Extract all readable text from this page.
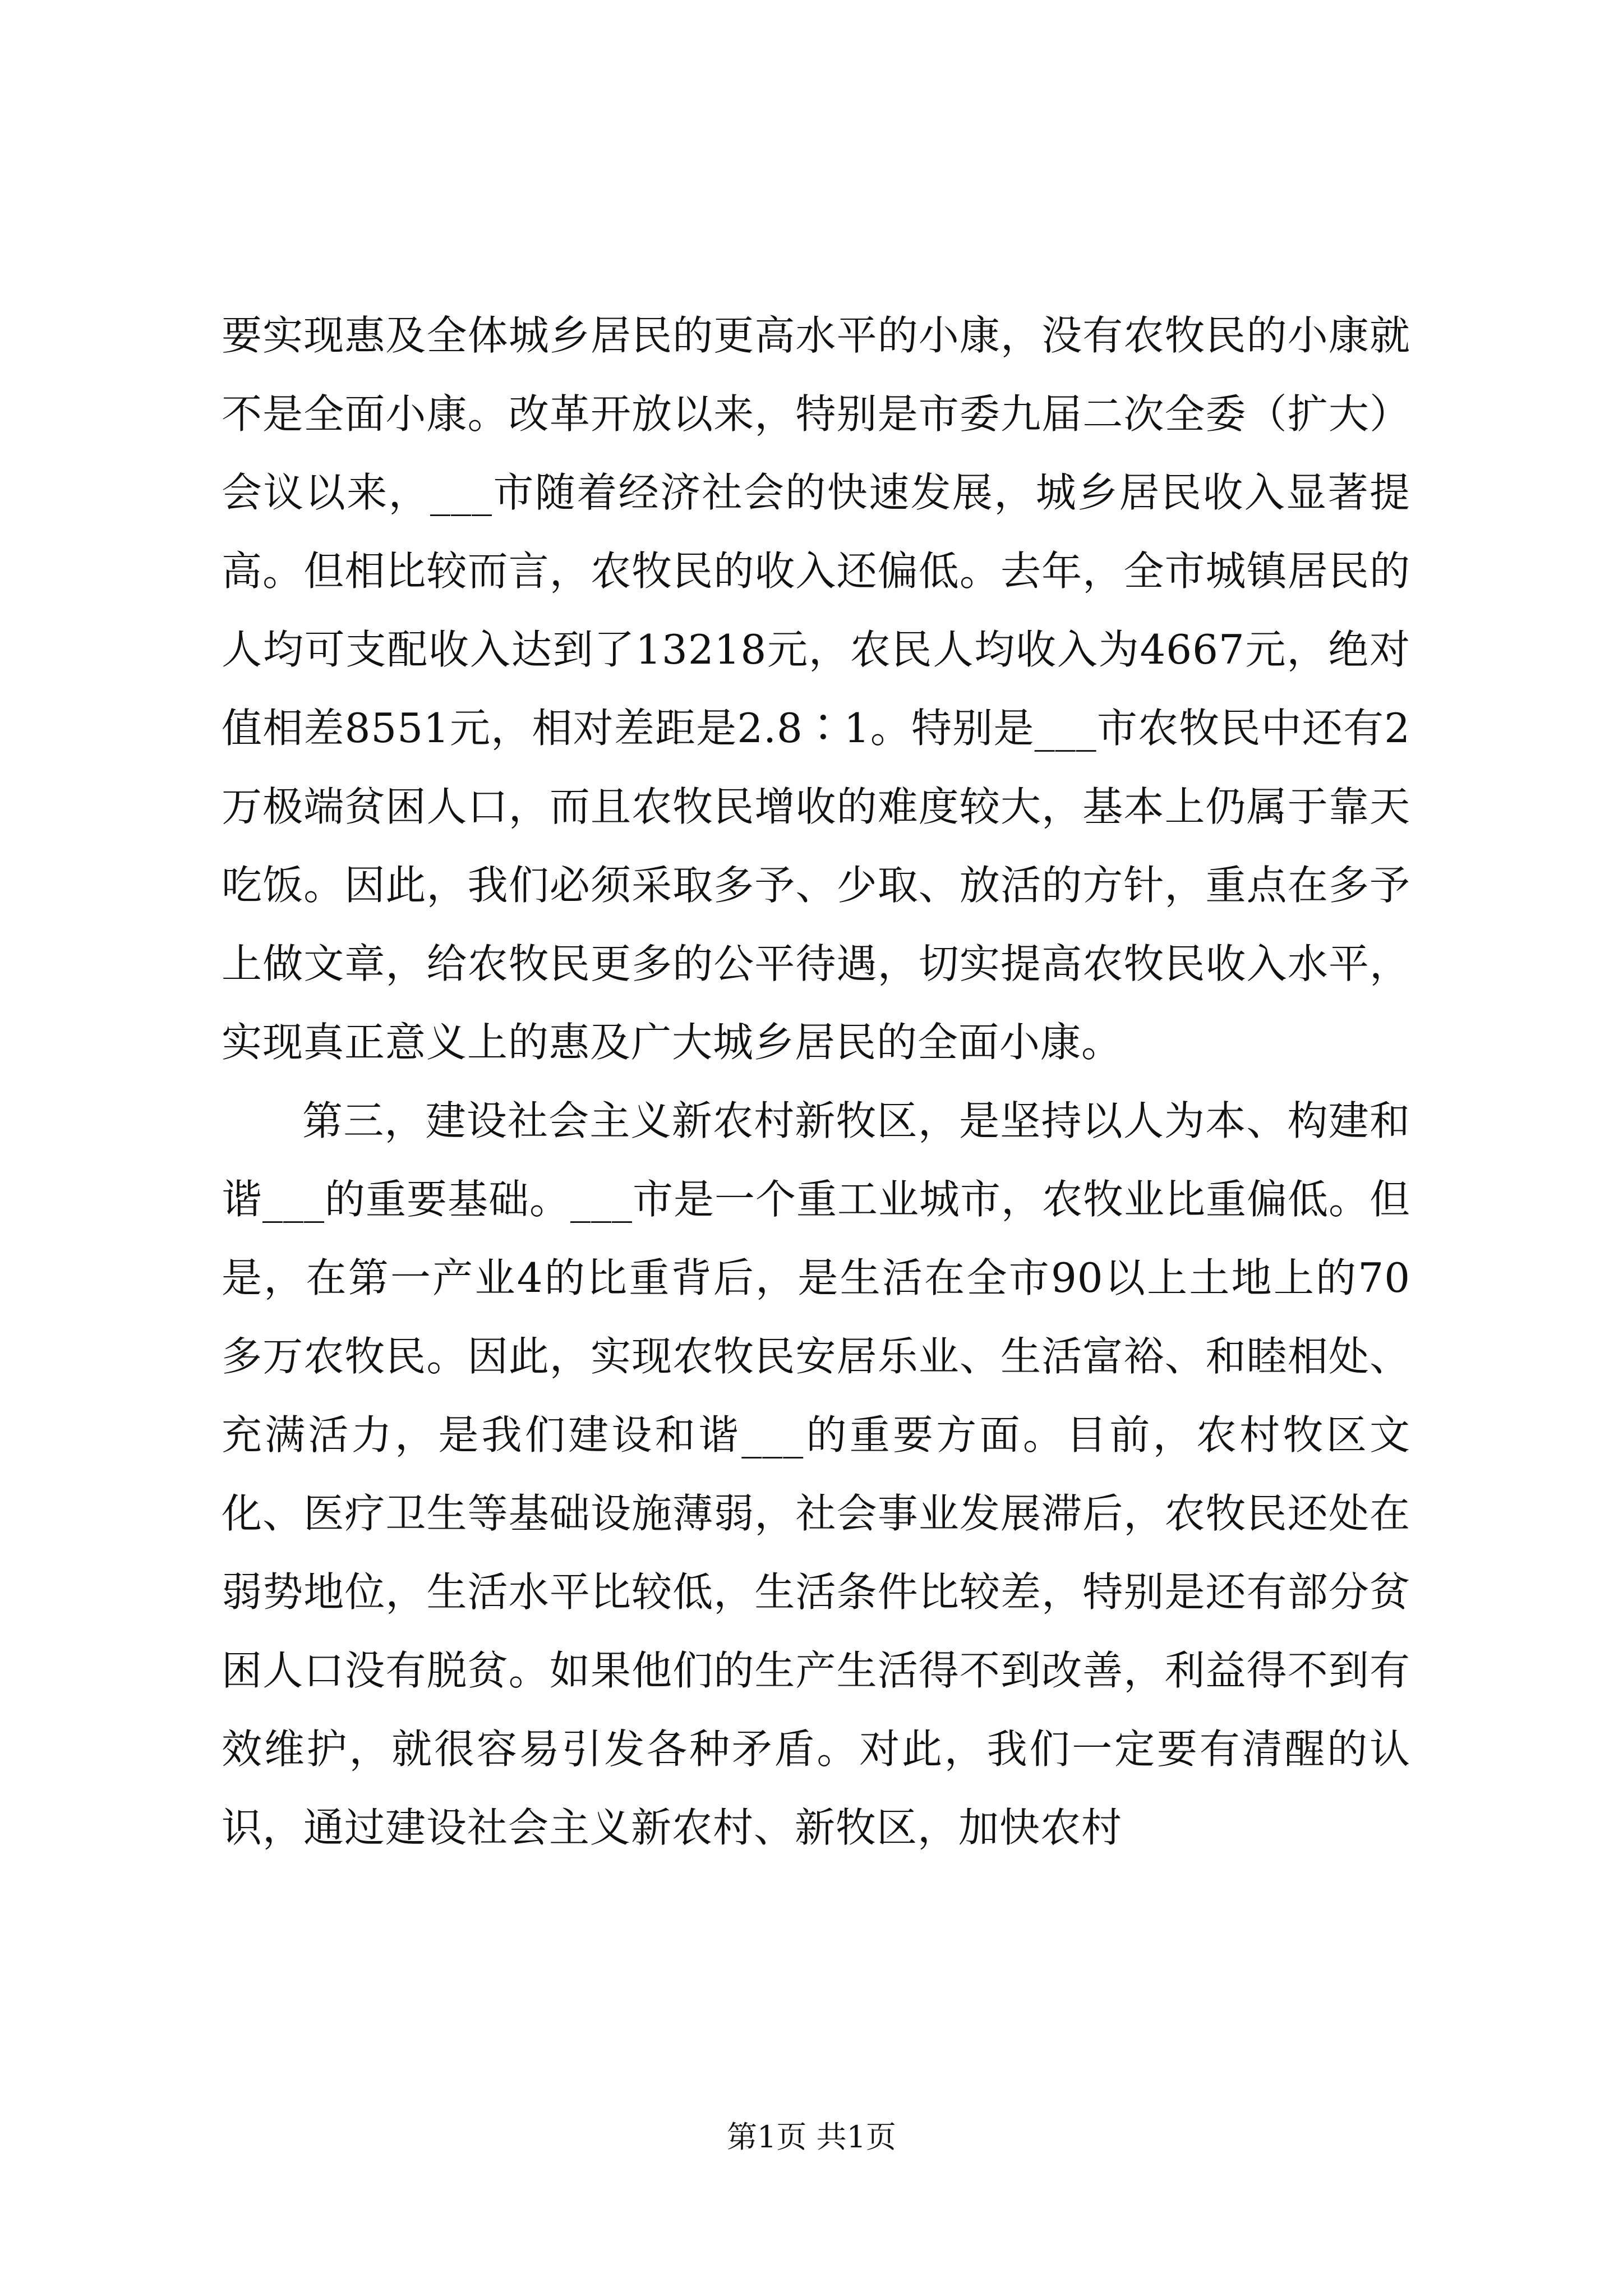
要实现惠及全体城乡居民的更高水平的小康，没有农牧民的小康就不是全面小康。改革开放以来，特别是市委九届二次全委（扩大）会议以来，___市随着经济社会的快速发展，城乡居民收入显著提高。但相比较而言，农牧民的收入还偏低。去年，全市城镇居民的人均可支配收入达到了13218元，农民人均收入为4667元，绝对值相差8551元，相对差距是2.8∶1。特别是___市农牧民中还有2万极端贫困人口，而且农牧民增收的难度较大，基本上仍属于靠天吃饭。因此，我们必须采取多予、少取、放活的方针，重点在多予上做文章，给农牧民更多的公平待遇，切实提高农牧民收入水平，实现真正意义上的惠及广大城乡居民的全面小康。

第三，建设社会主义新农村新牧区，是坚持以人为本、构建和谐___的重要基础。___市是一个重工业城市，农牧业比重偏低。但是，在第一产业4的比重背后，是生活在全市90以上土地上的70多万农牧民。因此，实现农牧民安居乐业、生活富裕、和睦相处、充满活力，是我们建设和谐___的重要方面。目前，农村牧区文化、医疗卫生等基础设施薄弱，社会事业发展滞后，农牧民还处在弱势地位，生活水平比较低，生活条件比较差，特别是还有部分贫困人口没有脱贫。如果他们的生产生活得不到改善，利益得不到有效维护，就很容易引发各种矛盾。对此，我们一定要有清醒的认识，通过建设社会主义新农村、新牧区，加快农村

第1页 共1页
